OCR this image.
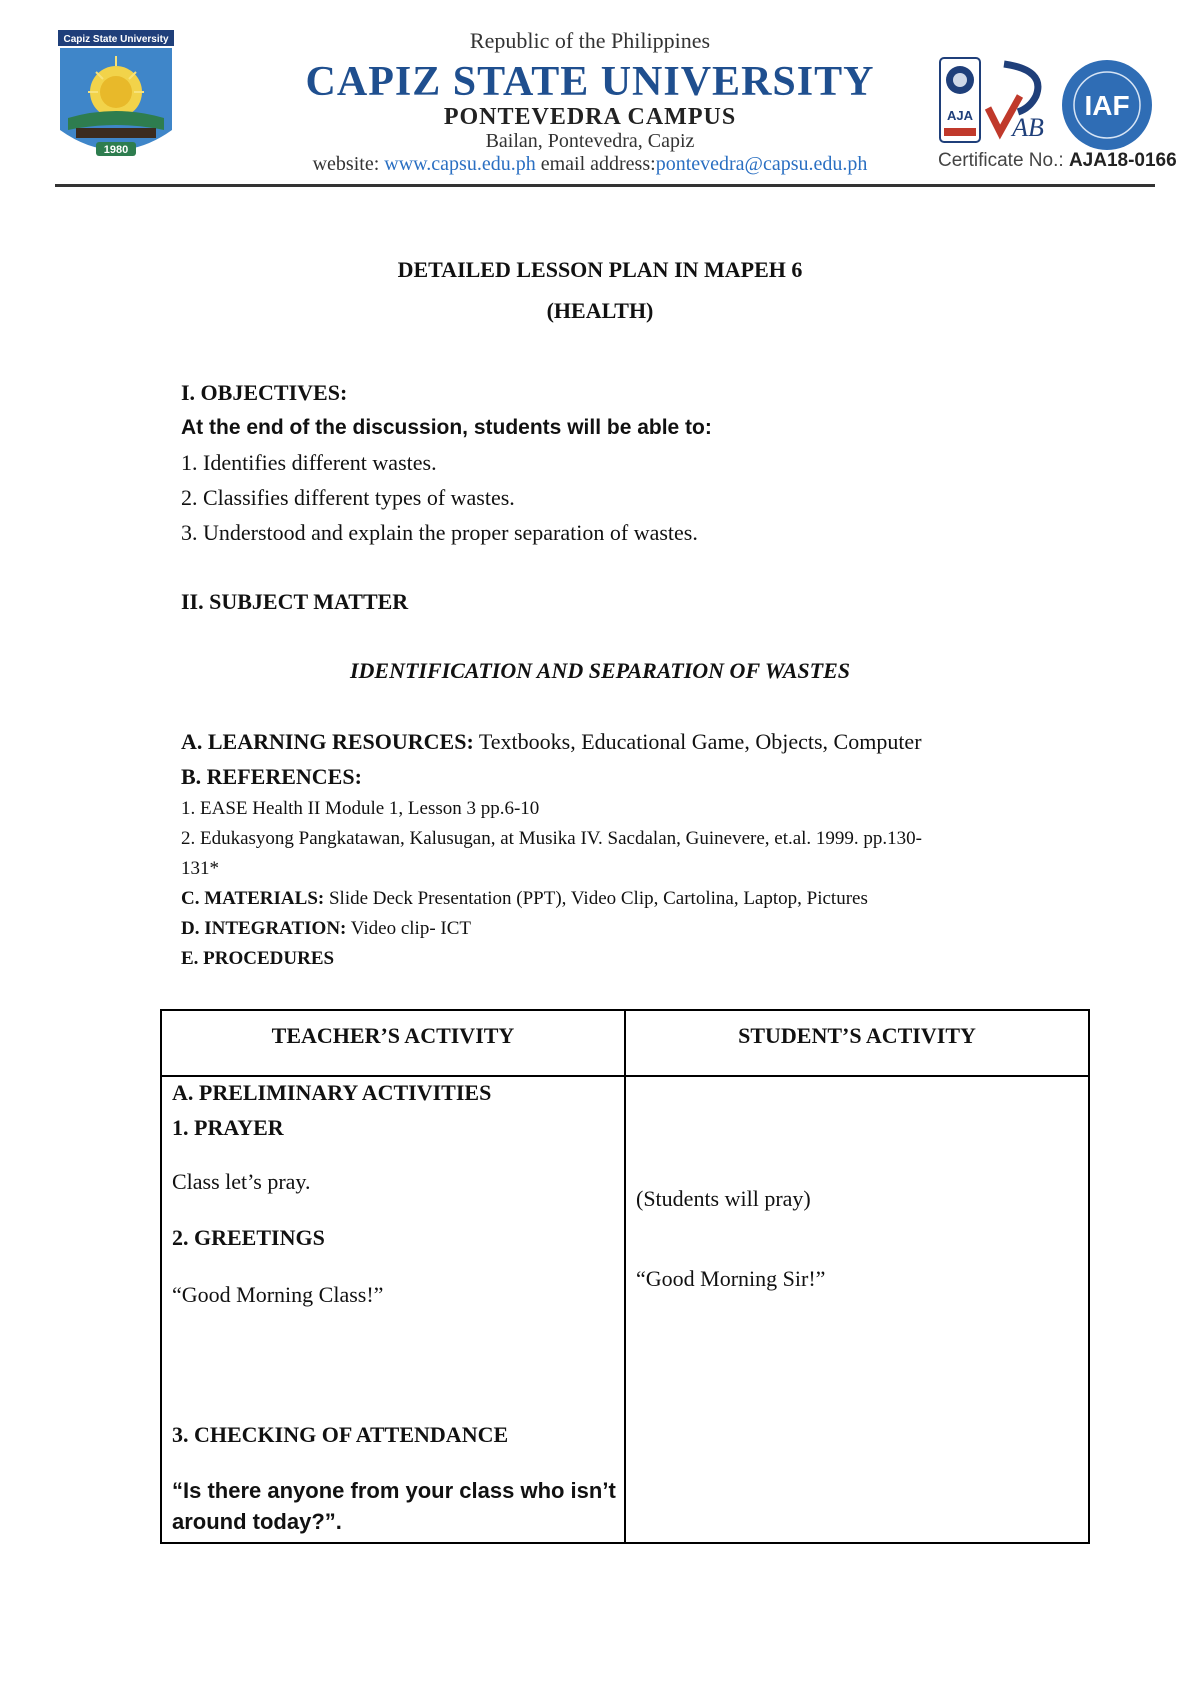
Capiz State University
1980
Republic of the Philippines
CAPIZ STATE UNIVERSITY
PONTEVEDRA CAMPUS
Bailan, Pontevedra, Capiz
website: www.capsu.edu.ph email address:pontevedra@capsu.edu.ph
AJA AB
IAF
Certificate No.: AJA18-0166
DETAILED LESSON PLAN IN MAPEH 6
(HEALTH)
I. OBJECTIVES:
At the end of the discussion, students will be able to:
1. Identifies different wastes.
2. Classifies different types of wastes.
3. Understood and explain the proper separation of wastes.
II. SUBJECT MATTER
IDENTIFICATION AND SEPARATION OF WASTES
A. LEARNING RESOURCES: Textbooks, Educational Game, Objects, Computer
B. REFERENCES:
1. EASE Health II Module 1, Lesson 3 pp.6-10
2. Edukasyong Pangkatawan, Kalusugan, at Musika IV. Sacdalan, Guinevere, et.al. 1999. pp.130-
131*
C. MATERIALS: Slide Deck Presentation (PPT), Video Clip, Cartolina, Laptop, Pictures
D. INTEGRATION: Video clip- ICT
E. PROCEDURES
TEACHER’S ACTIVITY	STUDENT’S ACTIVITY
A. PRELIMINARY ACTIVITIES
1. PRAYER
Class let’s pray.
2. GREETINGS
“Good Morning Class!”
3. CHECKING OF ATTENDANCE
“Is there anyone from your class who isn’t around today?”.
(Students will pray)
“Good Morning Sir!”
